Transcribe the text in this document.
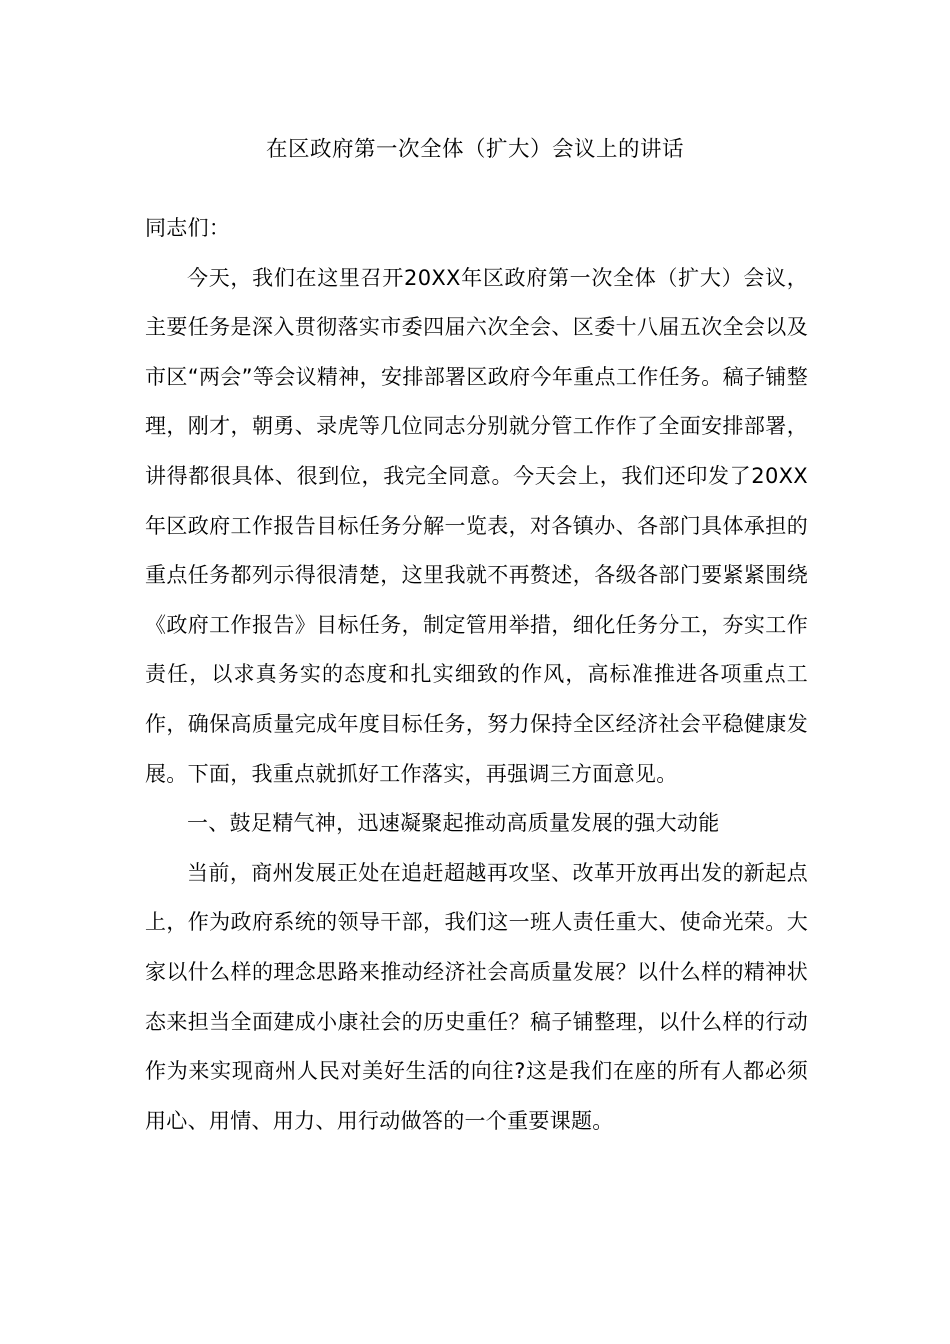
在区政府第一次全体（扩大）会议上的讲话

同志们：

今天，我们在这里召开20XX年区政府第一次全体（扩大）会议，主要任务是深入贯彻落实市委四届六次全会、区委十八届五次全会以及市区“两会”等会议精神，安排部署区政府今年重点工作任务。稿子铺整理，刚才，朝勇、录虎等几位同志分别就分管工作作了全面安排部署，讲得都很具体、很到位，我完全同意。今天会上，我们还印发了20XX年区政府工作报告目标任务分解一览表，对各镇办、各部门具体承担的重点任务都列示得很清楚，这里我就不再赘述，各级各部门要紧紧围绕《政府工作报告》目标任务，制定管用举措，细化任务分工，夯实工作责任，以求真务实的态度和扎实细致的作风，高标准推进各项重点工作，确保高质量完成年度目标任务，努力保持全区经济社会平稳健康发展。下面，我重点就抓好工作落实，再强调三方面意见。

一、鼓足精气神，迅速凝聚起推动高质量发展的强大动能

当前，商州发展正处在追赶超越再攻坚、改革开放再出发的新起点上，作为政府系统的领导干部，我们这一班人责任重大、使命光荣。大家以什么样的理念思路来推动经济社会高质量发展？以什么样的精神状态来担当全面建成小康社会的历史重任？稿子铺整理，以什么样的行动作为来实现商州人民对美好生活的向往?这是我们在座的所有人都必须用心、用情、用力、用行动做答的一个重要课题。
